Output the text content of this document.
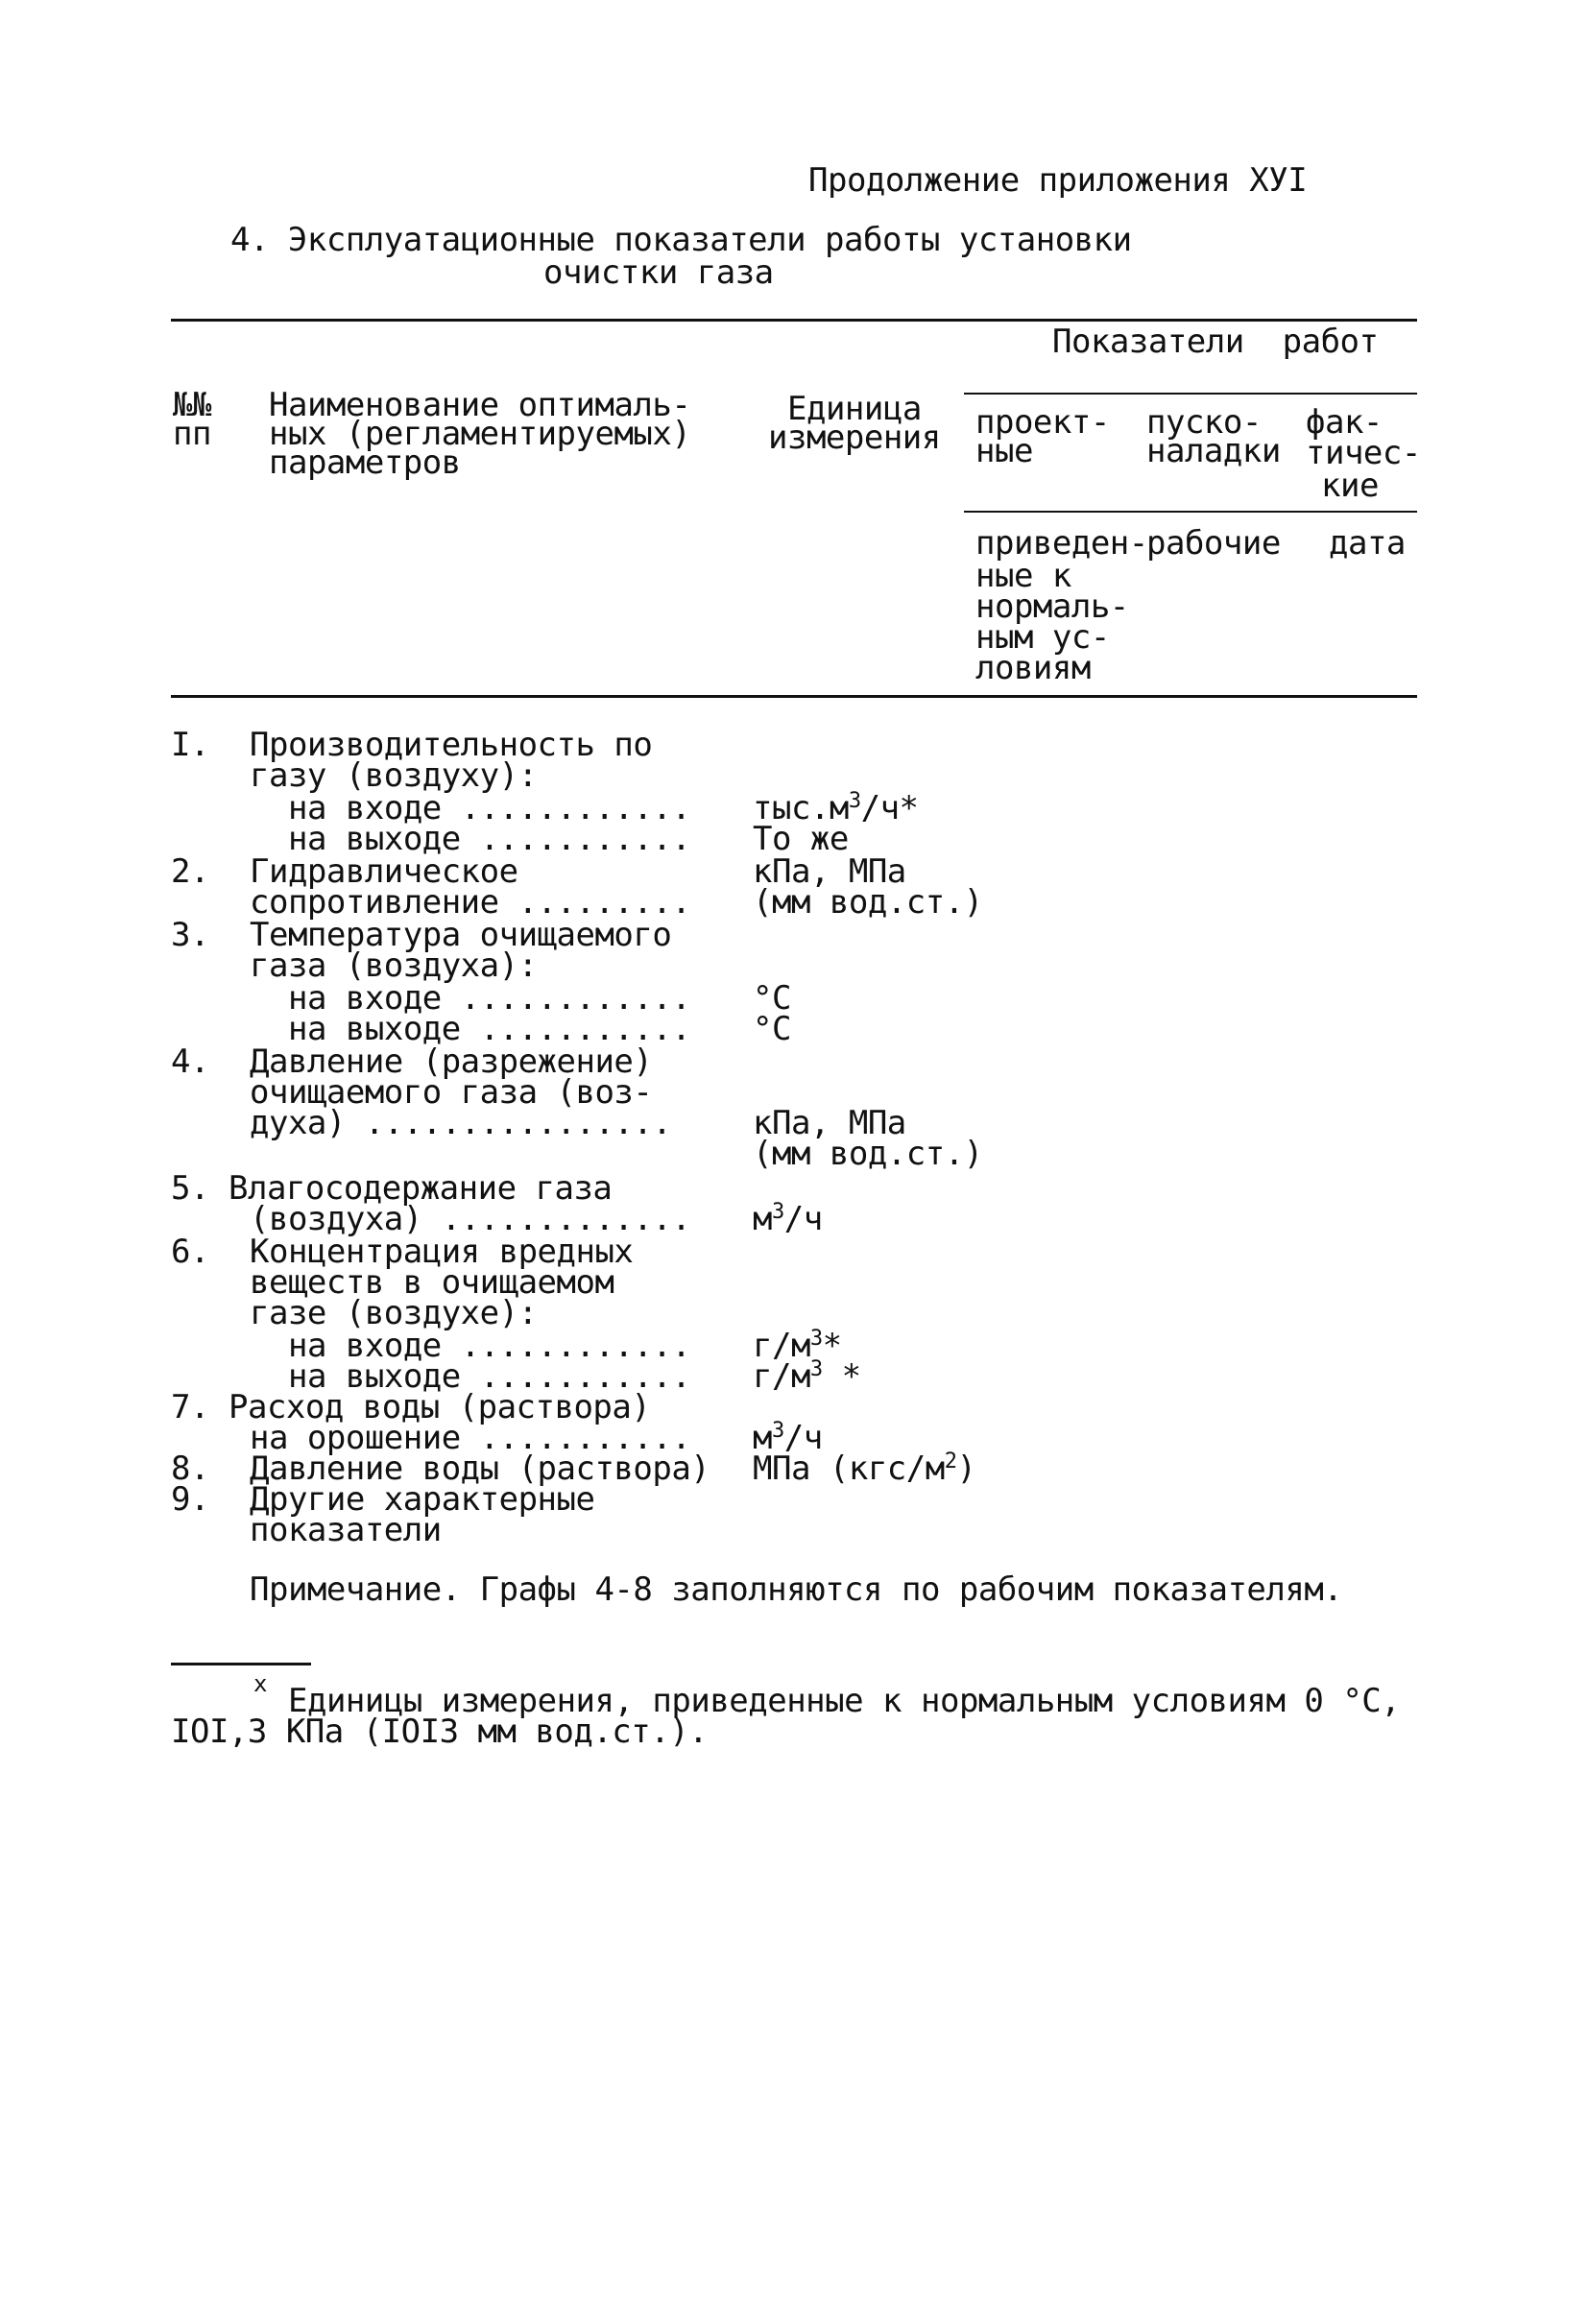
Продолжение приложения ХУI
4. Эксплуатационные показатели работы установки
очистки газа
Показатели  работ
№№
пп
Наименование оптималь-
ных (регламентируемых)
параметров
Единица
измерения проект-
ные
пуско-
наладки
фак-
тичес-
кие
приведен-
ные к
нормаль-
ным ус-
ловиям
рабочие дата
I. Производительность по
газу (воздуху):
на входе ............
на выходе ...........
$тыс.м^3/ч*$
То же
2. Гидравлическое
сопротивление .........
кПа, МПа
(мм вод.ст.)
3. Температура очищаемого
газа (воздуха):
на входе ............
на выходе ...........
°С
°С
4. Давление (разрежение)
очищаемого газа (воз-
духа) ................ кПа, МПа
(мм вод.ст.)
5. Влагосодержание газа
(воздуха) ............. $м^3/ч$
6. Концентрация вредных
веществ в очищаемом
газе (воздухе):
на входе ............
на выходе ...........
$г/м^3*$
$г/м^3$ *
7. Расход воды (раствора)
на орошение ........... $м^3/ч$
8. Давление воды (раствора) МПа $(кгс/м^2)$
9. Другие характерные
показатели
Примечание. Графы 4-8 заполняются по рабочим показателям.
x Единицы измерения, приведенные к нормальным условиям 0 °С,
IOI,3 КПа (IOI3 мм вод.ст.).
